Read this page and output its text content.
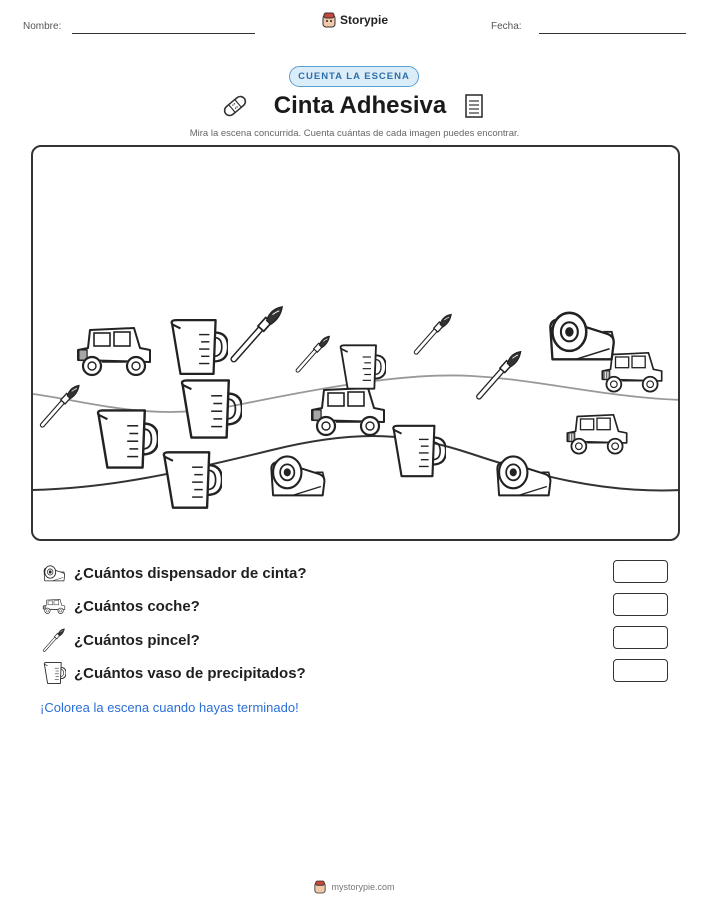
Nombre:	Storypie	Fecha:
CUENTA LA ESCENA
Cinta Adhesiva
Mira la escena concurrida. Cuenta cuántas de cada imagen puedes encontrar.
¿Cuántos dispensador de cinta?
¿Cuántos coche?
¿Cuántos pincel?
¿Cuántos vaso de precipitados?
¡Colorea la escena cuando hayas terminado!
mystorypie.com
